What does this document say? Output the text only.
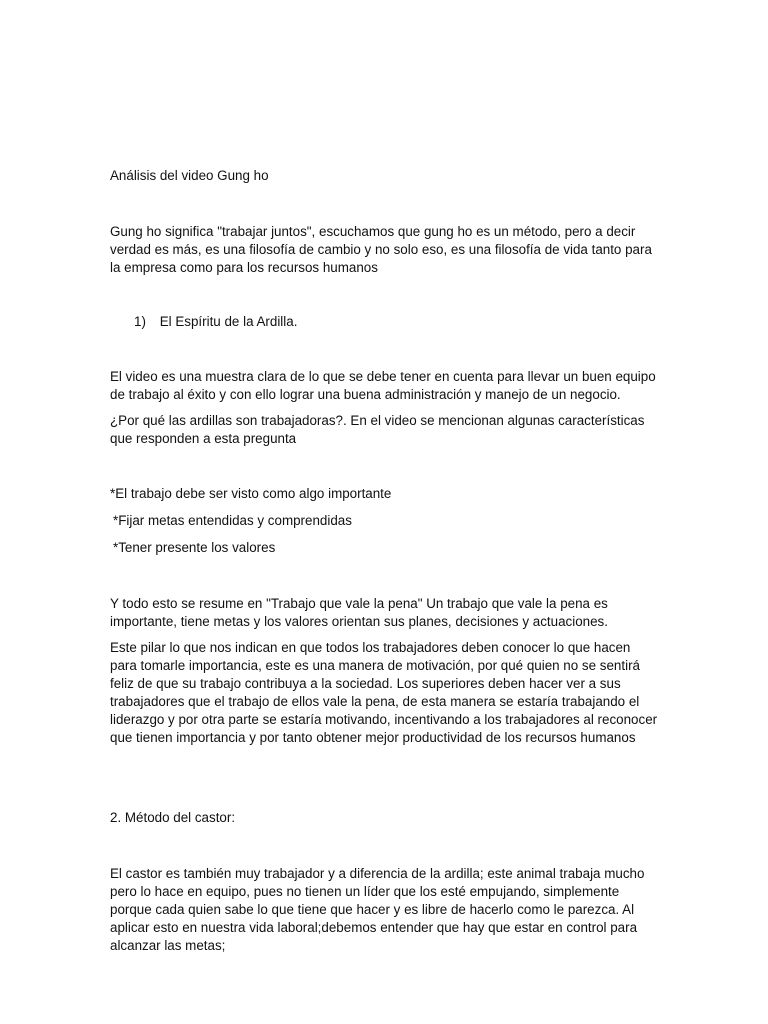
Análisis del video Gung ho

Gung ho significa "trabajar juntos", escuchamos que gung ho es un método, pero a decir verdad es más, es una filosofía de cambio y no solo eso, es una filosofía de vida tanto para la empresa como para los recursos humanos

1) El Espíritu de la Ardilla.

El video es una muestra clara de lo que se debe tener en cuenta para llevar un buen equipo de trabajo al éxito y con ello lograr una buena administración y manejo de un negocio.

¿Por qué las ardillas son trabajadoras?. En el video se mencionan algunas características que responden a esta pregunta

*El trabajo debe ser visto como algo importante

*Fijar metas entendidas y comprendidas

*Tener presente los valores

Y todo esto se resume en "Trabajo que vale la pena" Un trabajo que vale la pena es importante, tiene metas y los valores orientan sus planes, decisiones y actuaciones.

Este pilar lo que nos indican en que todos los trabajadores deben conocer lo que hacen para tomarle importancia, este es una manera de motivación, por qué quien no se sentirá feliz de que su trabajo contribuya a la sociedad. Los superiores deben hacer ver a sus trabajadores que el trabajo de ellos vale la pena, de esta manera se estaría trabajando el liderazgo y por otra parte se estaría motivando, incentivando a los trabajadores al reconocer que tienen importancia y por tanto obtener mejor productividad de los recursos humanos

2. Método del castor:

El castor es también muy trabajador y a diferencia de la ardilla; este animal trabaja mucho pero lo hace en equipo, pues no tienen un líder que los esté empujando, simplemente porque cada quien sabe lo que tiene que hacer y es libre de hacerlo como le parezca. Al aplicar esto en nuestra vida laboral;debemos entender que hay que estar en control para alcanzar las metas;
